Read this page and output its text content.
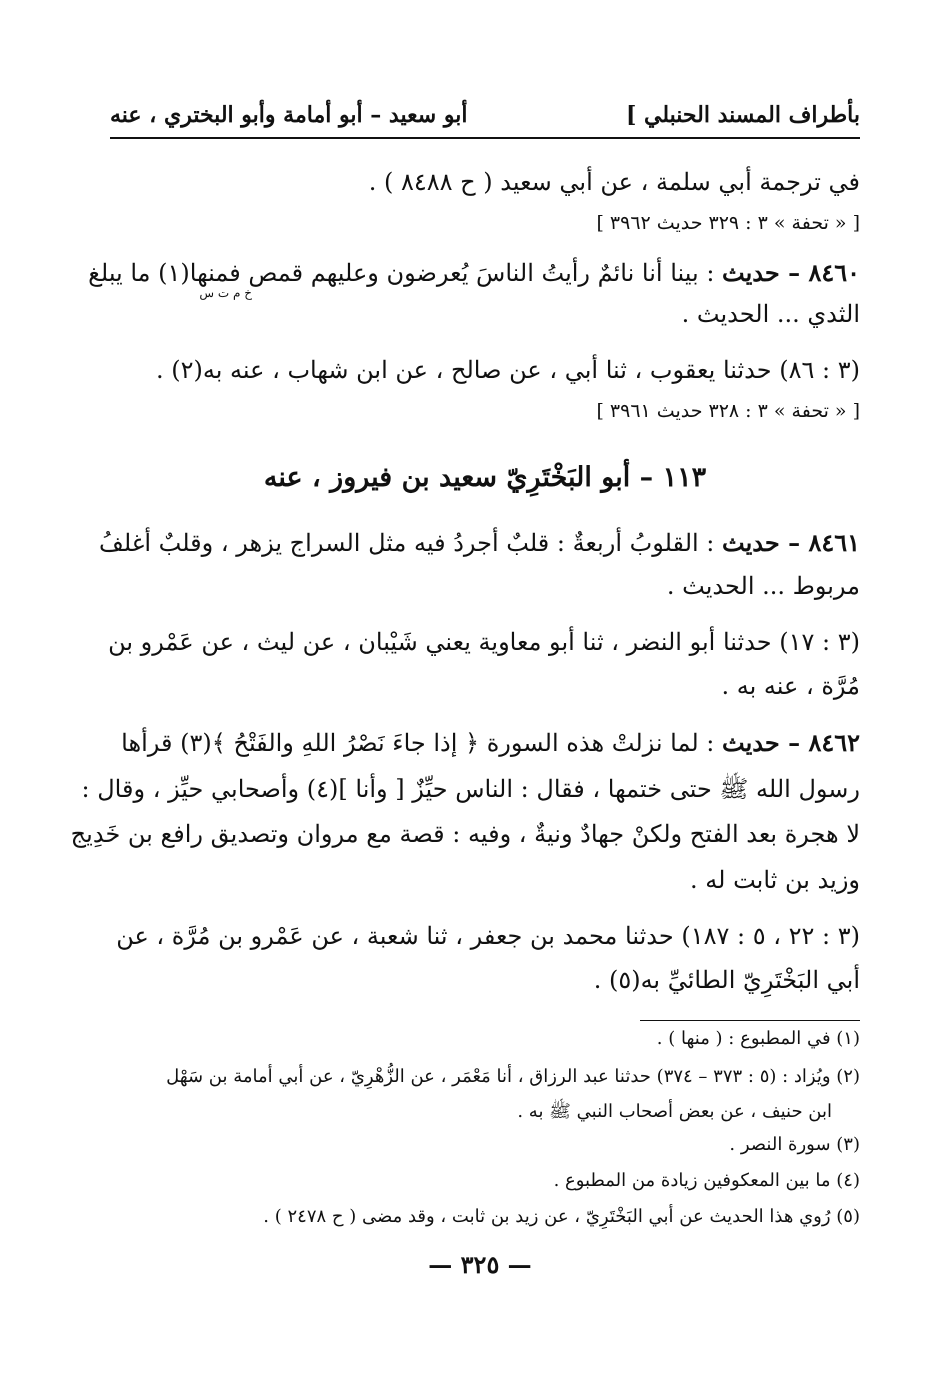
بأطراف المسند الحنبلي ]
أبو سعيد – أبو أمامة وأبو البختري ، عنه
في ترجمة أبي سلمة ، عن أبي سعيد ( ح ٨٤٨٨ ) .
[ « تحفة » ٣ : ٣٢٩ حديث ٣٩٦٢ ]
٨٤٦٠ – حديث : بينا أنا نائمٌ رأيتُ الناسَ يُعرضون وعليهم قمص فمنها(١) ما يبلغ
خ م ت س
الثدي ... الحديث .
(٣ : ٨٦) حدثنا يعقوب ، ثنا أبي ، عن صالح ، عن ابن شهاب ، عنه به(٢) .
[ « تحفة » ٣ : ٣٢٨ حديث ٣٩٦١ ]
١١٣ – أبو البَخْتَرِيّ سعيد بن فيروز ، عنه
٨٤٦١ – حديث : القلوبُ أربعةٌ : قلبٌ أجردُ فيه مثل السراج يزهر ، وقلبٌ أغلفُ
مربوط ... الحديث .
(٣ : ١٧) حدثنا أبو النضر ، ثنا أبو معاوية يعني شَيْبان ، عن ليث ، عن عَمْرو بن
مُرَّة ، عنه به .
٨٤٦٢ – حديث : لما نزلتْ هذه السورة ﴿ إذا جاءَ نَصْرُ اللهِ والفَتْحُ ﴾(٣) قرأها
رسول الله ﷺ حتى ختمها ، فقال : الناس حيِّزٌ [ وأنا ](٤) وأصحابي حيِّز ، وقال :
لا هجرة بعد الفتح ولكنْ جهادٌ ونيةٌ ، وفيه : قصة مع مروان وتصديق رافع بن خَدِيج
وزيد بن ثابت له .
(٣ : ٢٢ ، ٥ : ١٨٧) حدثنا محمد بن جعفر ، ثنا شعبة ، عن عَمْرو بن مُرَّة ، عن
أبي البَخْتَرِيّ الطائيِّ به(٥) .
(١) في المطبوع : ( منها ) .
(٢) ويُزاد : (٥ : ٣٧٣ – ٣٧٤) حدثنا عبد الرزاق ، أنا مَعْمَر ، عن الزُّهْرِيّ ، عن أبي أمامة بن سَهْل
ابن حنيف ، عن بعض أصحاب النبي ﷺ به .
(٣) سورة النصر .
(٤) ما بين المعكوفين زيادة من المطبوع .
(٥) رُوي هذا الحديث عن أبي البَخْتَرِيّ ، عن زيد بن ثابت ، وقد مضى ( ح ٢٤٧٨ ) .
— ٣٢٥ —
